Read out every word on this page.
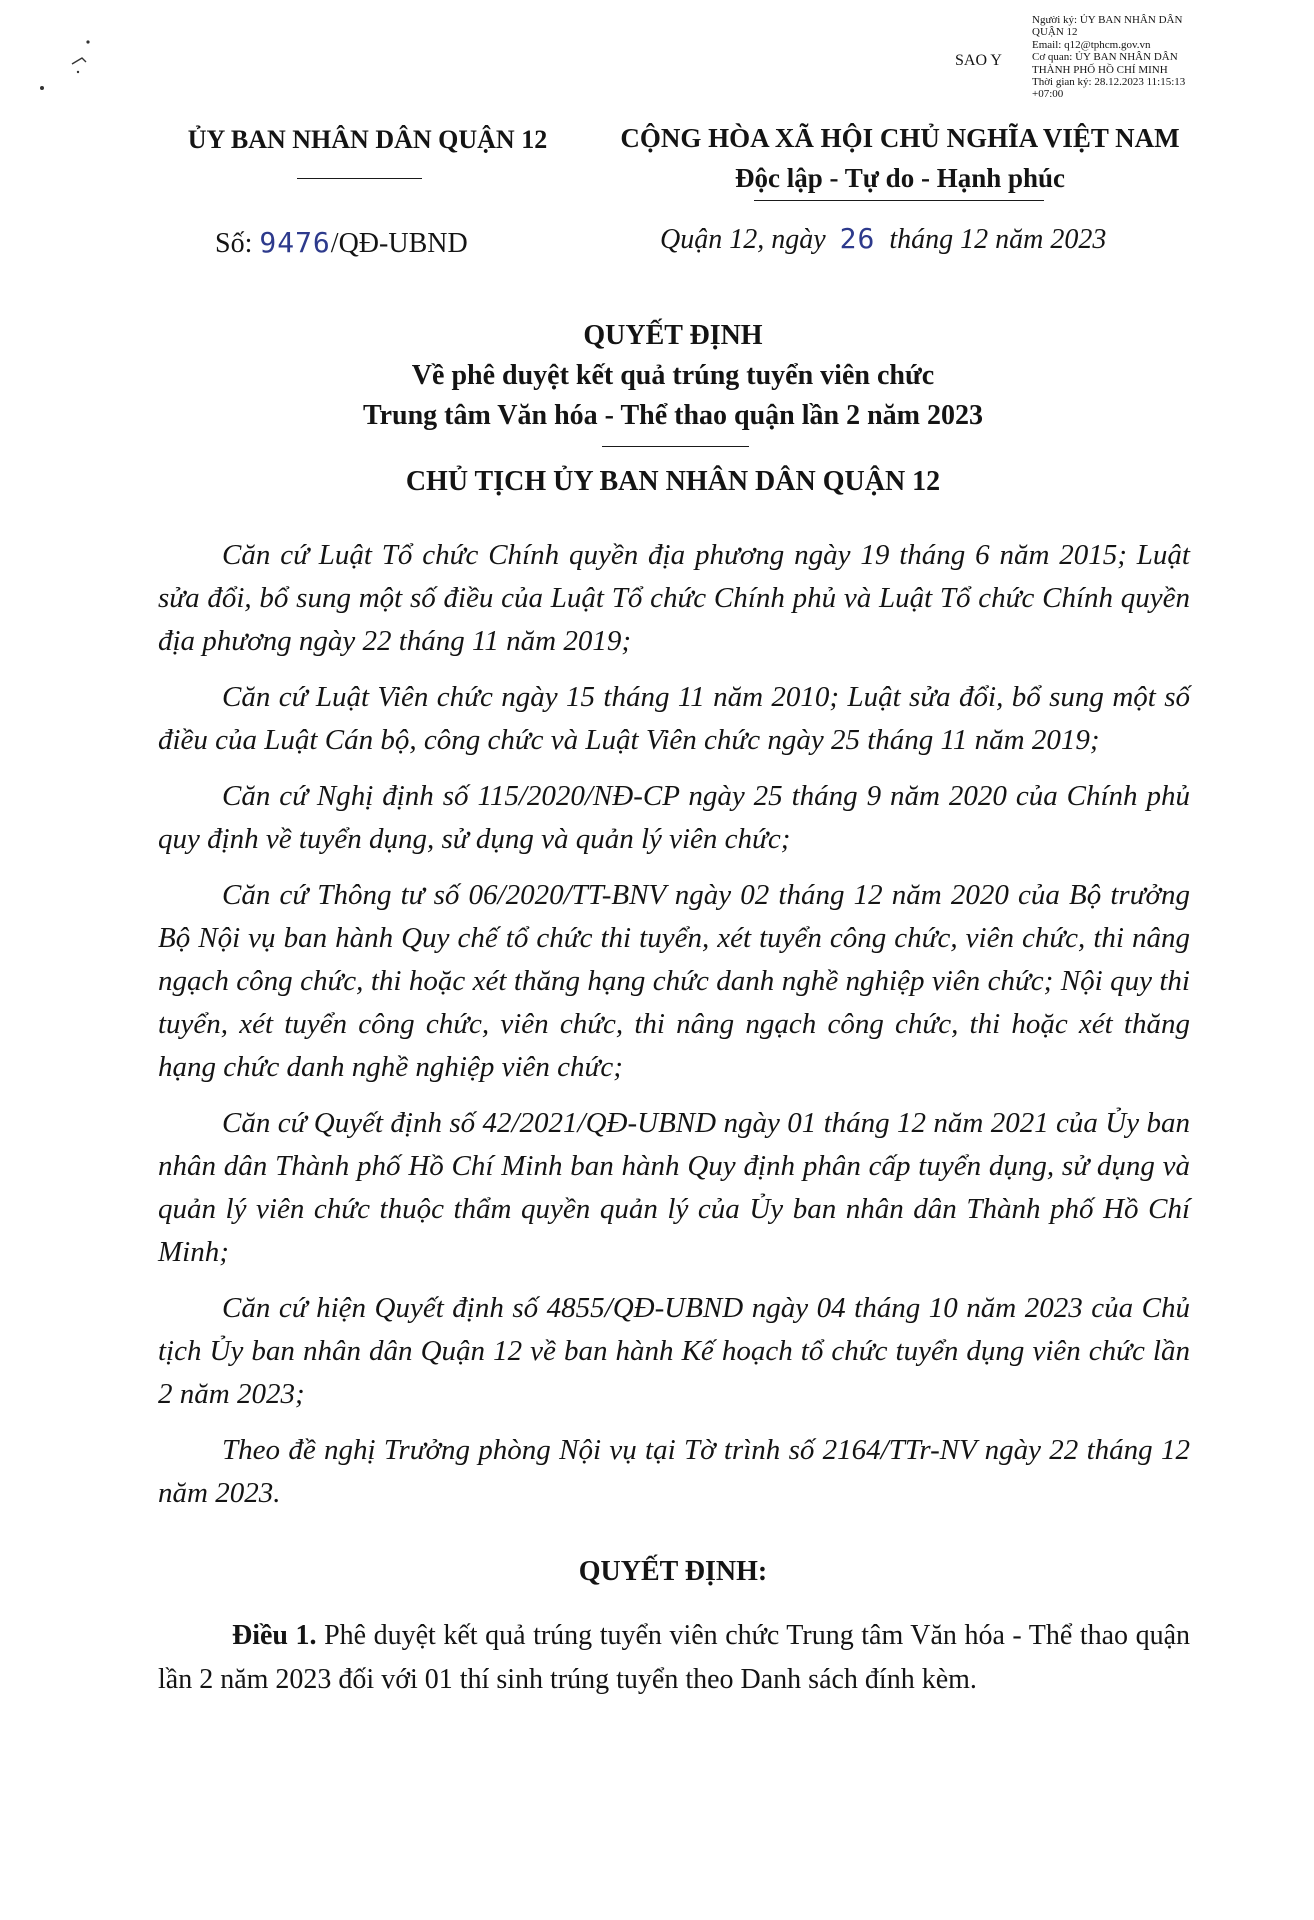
SAO Y
Người ký: ỦY BAN NHÂN DÂN
QUẬN 12
Email: q12@tphcm.gov.vn
Cơ quan: ỦY BAN NHÂN DÂN
THÀNH PHỐ HỒ CHÍ MINH
Thời gian ký: 28.12.2023 11:15:13
+07:00
ỦY BAN NHÂN DÂN QUẬN 12	CỘNG HÒA XÃ HỘI CHỦ NGHĨA VIỆT NAM
Độc lập - Tự do - Hạnh phúc
Số: 9476/QĐ-UBND	Quận 12, ngày 26 tháng 12 năm 2023
QUYẾT ĐỊNH
Về phê duyệt kết quả trúng tuyển viên chức
Trung tâm Văn hóa - Thể thao quận lần 2 năm 2023
CHỦ TỊCH ỦY BAN NHÂN DÂN QUẬN 12

Căn cứ Luật Tổ chức Chính quyền địa phương ngày 19 tháng 6 năm 2015; Luật sửa đổi, bổ sung một số điều của Luật Tổ chức Chính phủ và Luật Tổ chức Chính quyền địa phương ngày 22 tháng 11 năm 2019;

Căn cứ Luật Viên chức ngày 15 tháng 11 năm 2010; Luật sửa đổi, bổ sung một số điều của Luật Cán bộ, công chức và Luật Viên chức ngày 25 tháng 11 năm 2019;

Căn cứ Nghị định số 115/2020/NĐ-CP ngày 25 tháng 9 năm 2020 của Chính phủ quy định về tuyển dụng, sử dụng và quản lý viên chức;

Căn cứ Thông tư số 06/2020/TT-BNV ngày 02 tháng 12 năm 2020 của Bộ trưởng Bộ Nội vụ ban hành Quy chế tổ chức thi tuyển, xét tuyển công chức, viên chức, thi nâng ngạch công chức, thi hoặc xét thăng hạng chức danh nghề nghiệp viên chức; Nội quy thi tuyển, xét tuyển công chức, viên chức, thi nâng ngạch công chức, thi hoặc xét thăng hạng chức danh nghề nghiệp viên chức;

Căn cứ Quyết định số 42/2021/QĐ-UBND ngày 01 tháng 12 năm 2021 của Ủy ban nhân dân Thành phố Hồ Chí Minh ban hành Quy định phân cấp tuyển dụng, sử dụng và quản lý viên chức thuộc thẩm quyền quản lý của Ủy ban nhân dân Thành phố Hồ Chí Minh;

Căn cứ hiện Quyết định số 4855/QĐ-UBND ngày 04 tháng 10 năm 2023 của Chủ tịch Ủy ban nhân dân Quận 12 về ban hành Kế hoạch tổ chức tuyển dụng viên chức lần 2 năm 2023;

Theo đề nghị Trưởng phòng Nội vụ tại Tờ trình số 2164/TTr-NV ngày 22 tháng 12 năm 2023.

QUYẾT ĐỊNH:
Điều 1. Phê duyệt kết quả trúng tuyển viên chức Trung tâm Văn hóa - Thể thao quận lần 2 năm 2023 đối với 01 thí sinh trúng tuyển theo Danh sách đính kèm.
